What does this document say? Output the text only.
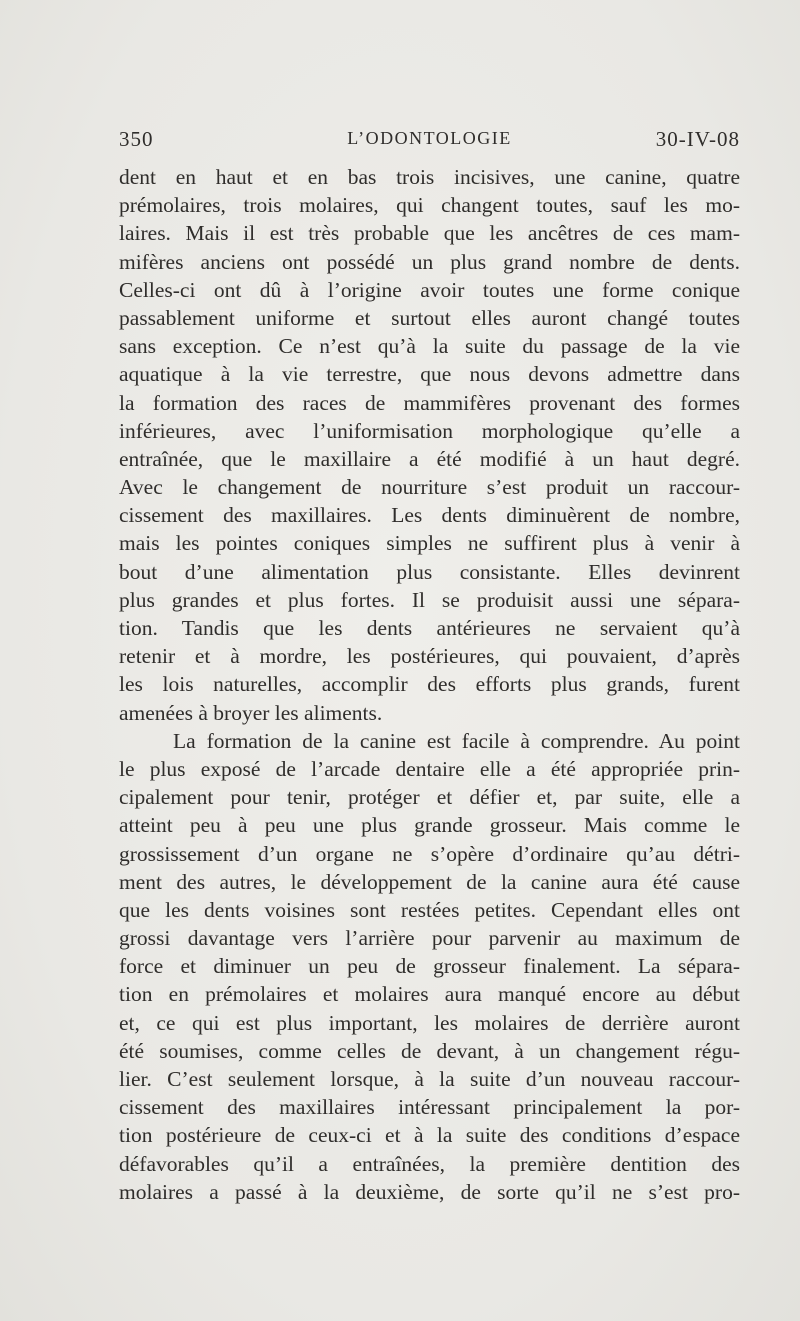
350	L’ODONTOLOGIE	30-IV-08
dent en haut et en bas trois incisives, une canine, quatre
prémolaires, trois molaires, qui changent toutes, sauf les mo-
laires. Mais il est très probable que les ancêtres de ces mam-
mifères anciens ont possédé un plus grand nombre de dents.
Celles-ci ont dû à l’origine avoir toutes une forme conique
passablement uniforme et surtout elles auront changé toutes
sans exception. Ce n’est qu’à la suite du passage de la vie
aquatique à la vie terrestre, que nous devons admettre dans
la formation des races de mammifères provenant des formes
inférieures, avec l’uniformisation morphologique qu’elle a
entraînée, que le maxillaire a été modifié à un haut degré.
Avec le changement de nourriture s’est produit un raccour-
cissement des maxillaires. Les dents diminuèrent de nombre,
mais les pointes coniques simples ne suffirent plus à venir à
bout d’une alimentation plus consistante. Elles devinrent
plus grandes et plus fortes. Il se produisit aussi une sépara-
tion. Tandis que les dents antérieures ne servaient qu’à
retenir et à mordre, les postérieures, qui pouvaient, d’après
les lois naturelles, accomplir des efforts plus grands, furent
amenées à broyer les aliments.
La formation de la canine est facile à comprendre. Au point
le plus exposé de l’arcade dentaire elle a été appropriée prin-
cipalement pour tenir, protéger et défier et, par suite, elle a
atteint peu à peu une plus grande grosseur. Mais comme le
grossissement d’un organe ne s’opère d’ordinaire qu’au détri-
ment des autres, le développement de la canine aura été cause
que les dents voisines sont restées petites. Cependant elles ont
grossi davantage vers l’arrière pour parvenir au maximum de
force et diminuer un peu de grosseur finalement. La sépara-
tion en prémolaires et molaires aura manqué encore au début
et, ce qui est plus important, les molaires de derrière auront
été soumises, comme celles de devant, à un changement régu-
lier. C’est seulement lorsque, à la suite d’un nouveau raccour-
cissement des maxillaires intéressant principalement la por-
tion postérieure de ceux-ci et à la suite des conditions d’espace
défavorables qu’il a entraînées, la première dentition des
molaires a passé à la deuxième, de sorte qu’il ne s’est pro-
